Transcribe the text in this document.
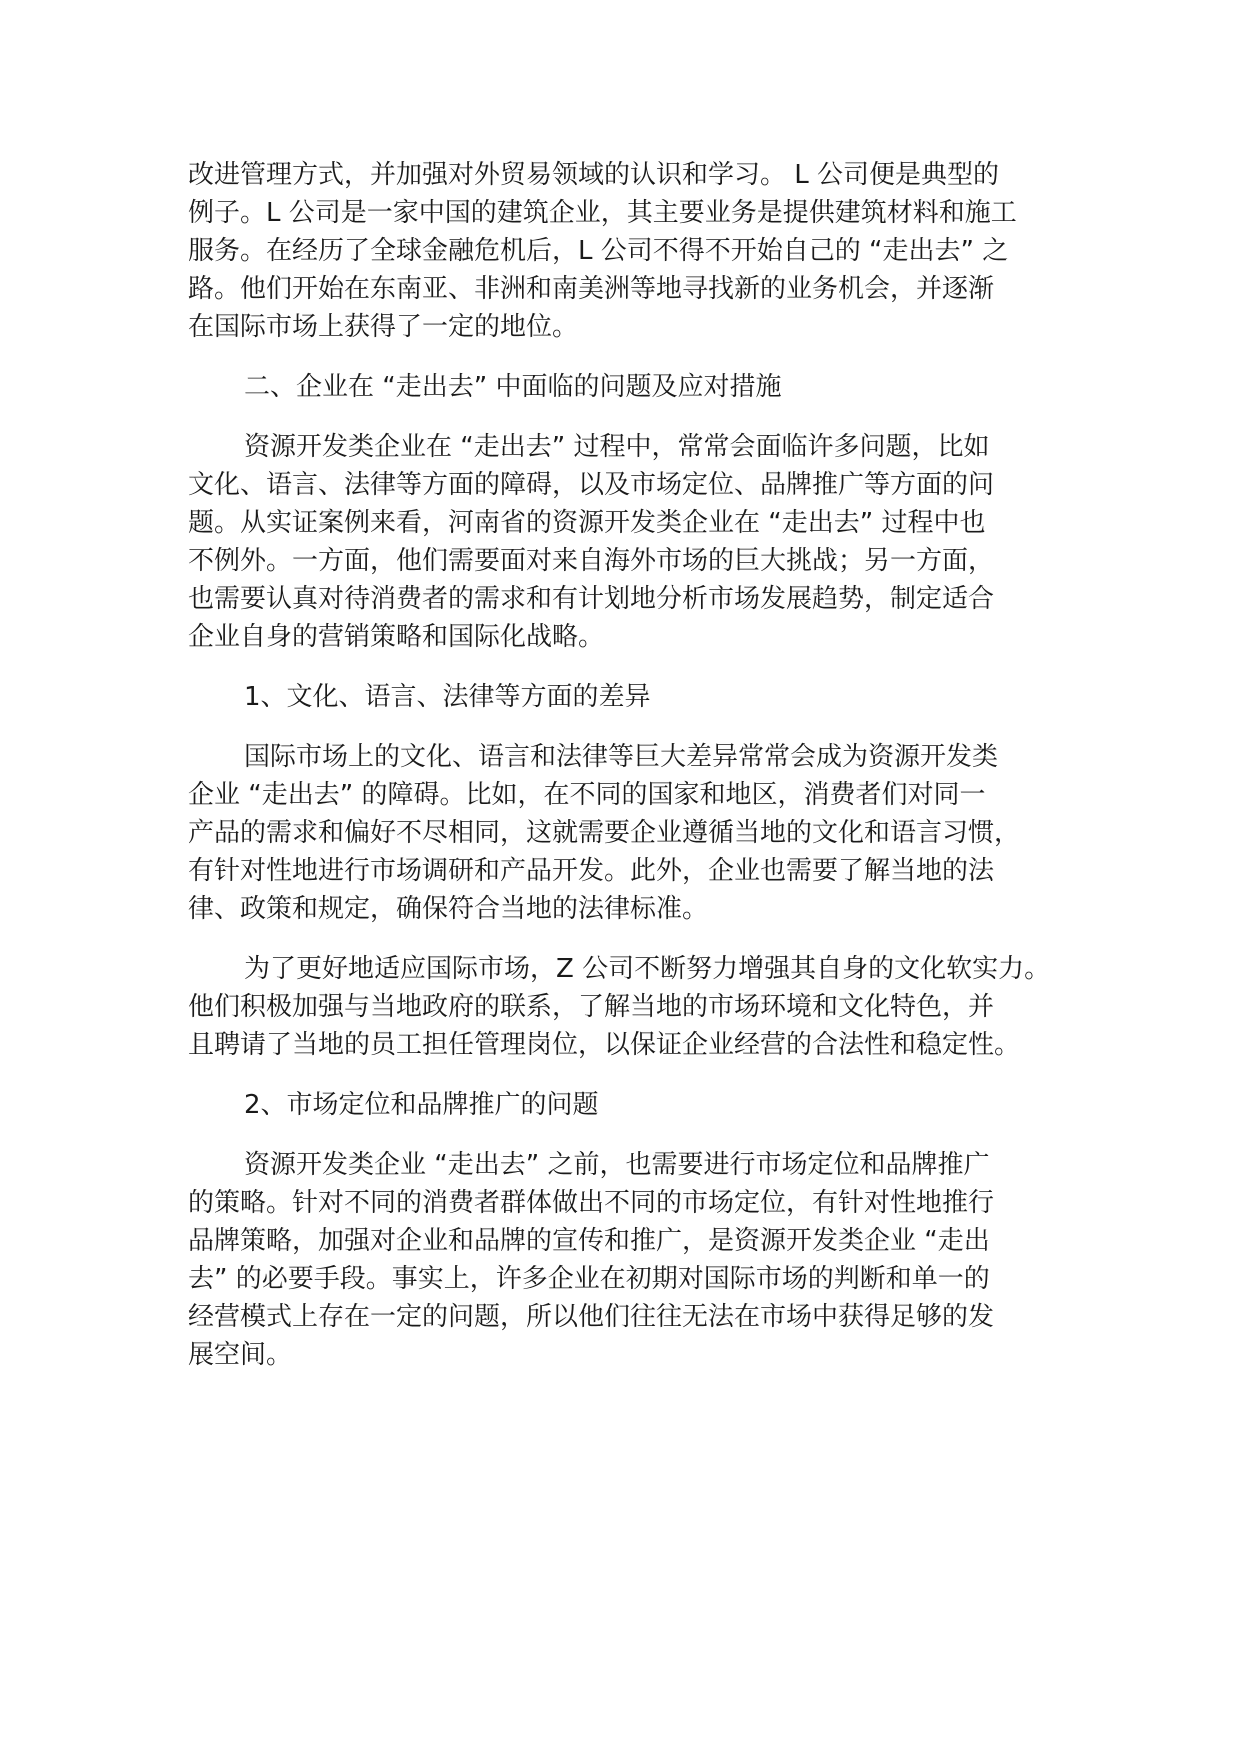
改进管理方式，并加强对外贸易领域的认识和学习。 L 公司便是典型的
例子。L 公司是一家中国的建筑企业，其主要业务是提供建筑材料和施工
服务。在经历了全球金融危机后，L 公司不得不开始自己的 “走出去” 之
路。他们开始在东南亚、非洲和南美洲等地寻找新的业务机会，并逐渐
在国际市场上获得了一定的地位。
二、企业在 “走出去” 中面临的问题及应对措施
资源开发类企业在 “走出去” 过程中，常常会面临许多问题，比如
文化、语言、法律等方面的障碍，以及市场定位、品牌推广等方面的问
题。从实证案例来看，河南省的资源开发类企业在 “走出去” 过程中也
不例外。一方面，他们需要面对来自海外市场的巨大挑战；另一方面，
也需要认真对待消费者的需求和有计划地分析市场发展趋势，制定适合
企业自身的营销策略和国际化战略。
1、文化、语言、法律等方面的差异
国际市场上的文化、语言和法律等巨大差异常常会成为资源开发类
企业 “走出去” 的障碍。比如，在不同的国家和地区，消费者们对同一
产品的需求和偏好不尽相同，这就需要企业遵循当地的文化和语言习惯，
有针对性地进行市场调研和产品开发。此外，企业也需要了解当地的法
律、政策和规定，确保符合当地的法律标准。
为了更好地适应国际市场，Z 公司不断努力增强其自身的文化软实力。
他们积极加强与当地政府的联系，了解当地的市场环境和文化特色，并
且聘请了当地的员工担任管理岗位，以保证企业经营的合法性和稳定性。
2、市场定位和品牌推广的问题
资源开发类企业 “走出去” 之前，也需要进行市场定位和品牌推广
的策略。针对不同的消费者群体做出不同的市场定位，有针对性地推行
品牌策略，加强对企业和品牌的宣传和推广，是资源开发类企业 “走出
去” 的必要手段。事实上，许多企业在初期对国际市场的判断和单一的
经营模式上存在一定的问题，所以他们往往无法在市场中获得足够的发
展空间。
